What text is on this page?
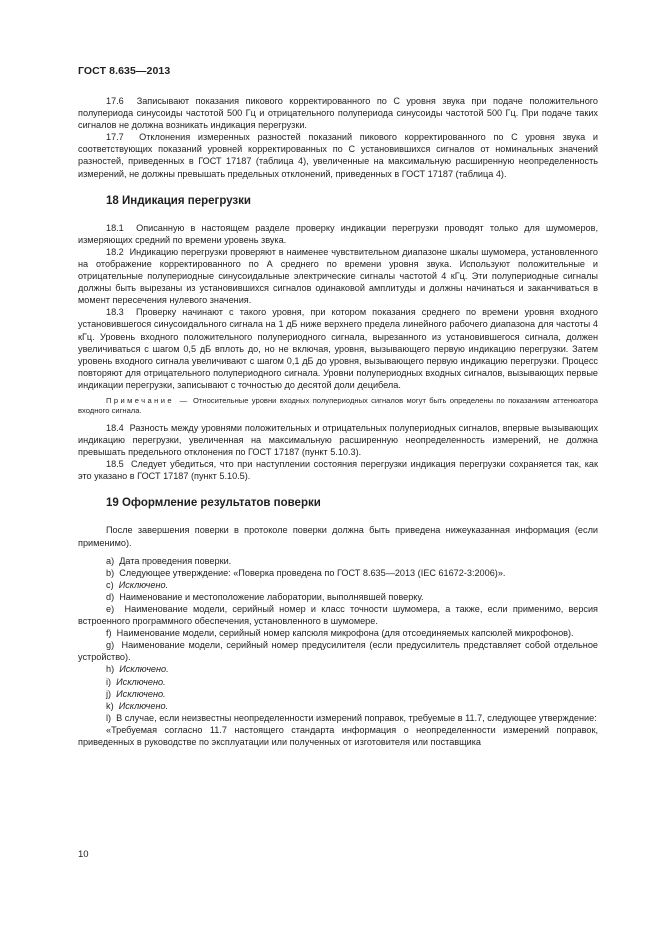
ГОСТ 8.635—2013

17.6 Записывают показания пикового корректированного по С уровня звука при подаче положительного полупериода синусоиды частотой 500 Гц и отрицательного полупериода синусоиды частотой 500 Гц. При подаче таких сигналов не должна возникать индикация перегрузки.

17.7 Отклонения измеренных разностей показаний пикового корректированного по С уровня звука и соответствующих показаний уровней корректированных по С установившихся сигналов от номинальных значений разностей, приведенных в ГОСТ 17187 (таблица 4), увеличенные на максимальную расширенную неопределенность измерений, не должны превышать предельных отклонений, приведенных в ГОСТ 17187 (таблица 4).

18 Индикация перегрузки

18.1 Описанную в настоящем разделе проверку индикации перегрузки проводят только для шумомеров, измеряющих средний по времени уровень звука.

18.2 Индикацию перегрузки проверяют в наименее чувствительном диапазоне шкалы шумомера, установленного на отображение корректированного по А среднего по времени уровня звука. Используют положительные и отрицательные полупериодные синусоидальные электрические сигналы частотой 4 кГц. Эти полупериодные сигналы должны быть вырезаны из установившихся сигналов одинаковой амплитуды и должны начинаться и заканчиваться в момент пересечения нулевого значения.

18.3 Проверку начинают с такого уровня, при котором показания среднего по времени уровня входного установившегося синусоидального сигнала на 1 дБ ниже верхнего предела линейного рабочего диапазона для частоты 4 кГц. Уровень входного положительного полупериодного сигнала, вырезанного из установившегося сигнала, должен увеличиваться с шагом 0,5 дБ вплоть до, но не включая, уровня, вызывающего первую индикацию перегрузки. Затем уровень входного сигнала увеличивают с шагом 0,1 дБ до уровня, вызывающего первую индикацию перегрузки. Процесс повторяют для отрицательного полупериодного сигнала. Уровни полупериодных входных сигналов, вызывающих первые индикации перегрузки, записывают с точностью до десятой доли децибела.

Примечание — Относительные уровни входных полупериодных сигналов могут быть определены по показаниям аттенюатора входного сигнала.

18.4 Разность между уровнями положительных и отрицательных полупериодных сигналов, впервые вызывающих индикацию перегрузки, увеличенная на максимальную расширенную неопределенность измерений, не должна превышать предельного отклонения по ГОСТ 17187 (пункт 5.10.3).

18.5 Следует убедиться, что при наступлении состояния перегрузки индикация перегрузки сохраняется так, как это указано в ГОСТ 17187 (пункт 5.10.5).

19 Оформление результатов поверки

После завершения поверки в протоколе поверки должна быть приведена нижеуказанная информация (если применимо).

a) Дата проведения поверки.

b) Следующее утверждение: «Поверка проведена по ГОСТ 8.635—2013 (IEC 61672-3:2006)».

c) Исключено.

d) Наименование и местоположение лаборатории, выполнявшей поверку.

e) Наименование модели, серийный номер и класс точности шумомера, а также, если применимо, версия встроенного программного обеспечения, установленного в шумомере.

f) Наименование модели, серийный номер капсюля микрофона (для отсоединяемых капсюлей микрофонов).

g) Наименование модели, серийный номер предусилителя (если предусилитель представляет собой отдельное устройство).

h) Исключено.

i) Исключено.

j) Исключено.

k) Исключено.

l) В случае, если неизвестны неопределенности измерений поправок, требуемые в 11.7, следующее утверждение:

«Требуемая согласно 11.7 настоящего стандарта информация о неопределенности измерений поправок, приведенных в руководстве по эксплуатации или полученных от изготовителя или поставщика

10
